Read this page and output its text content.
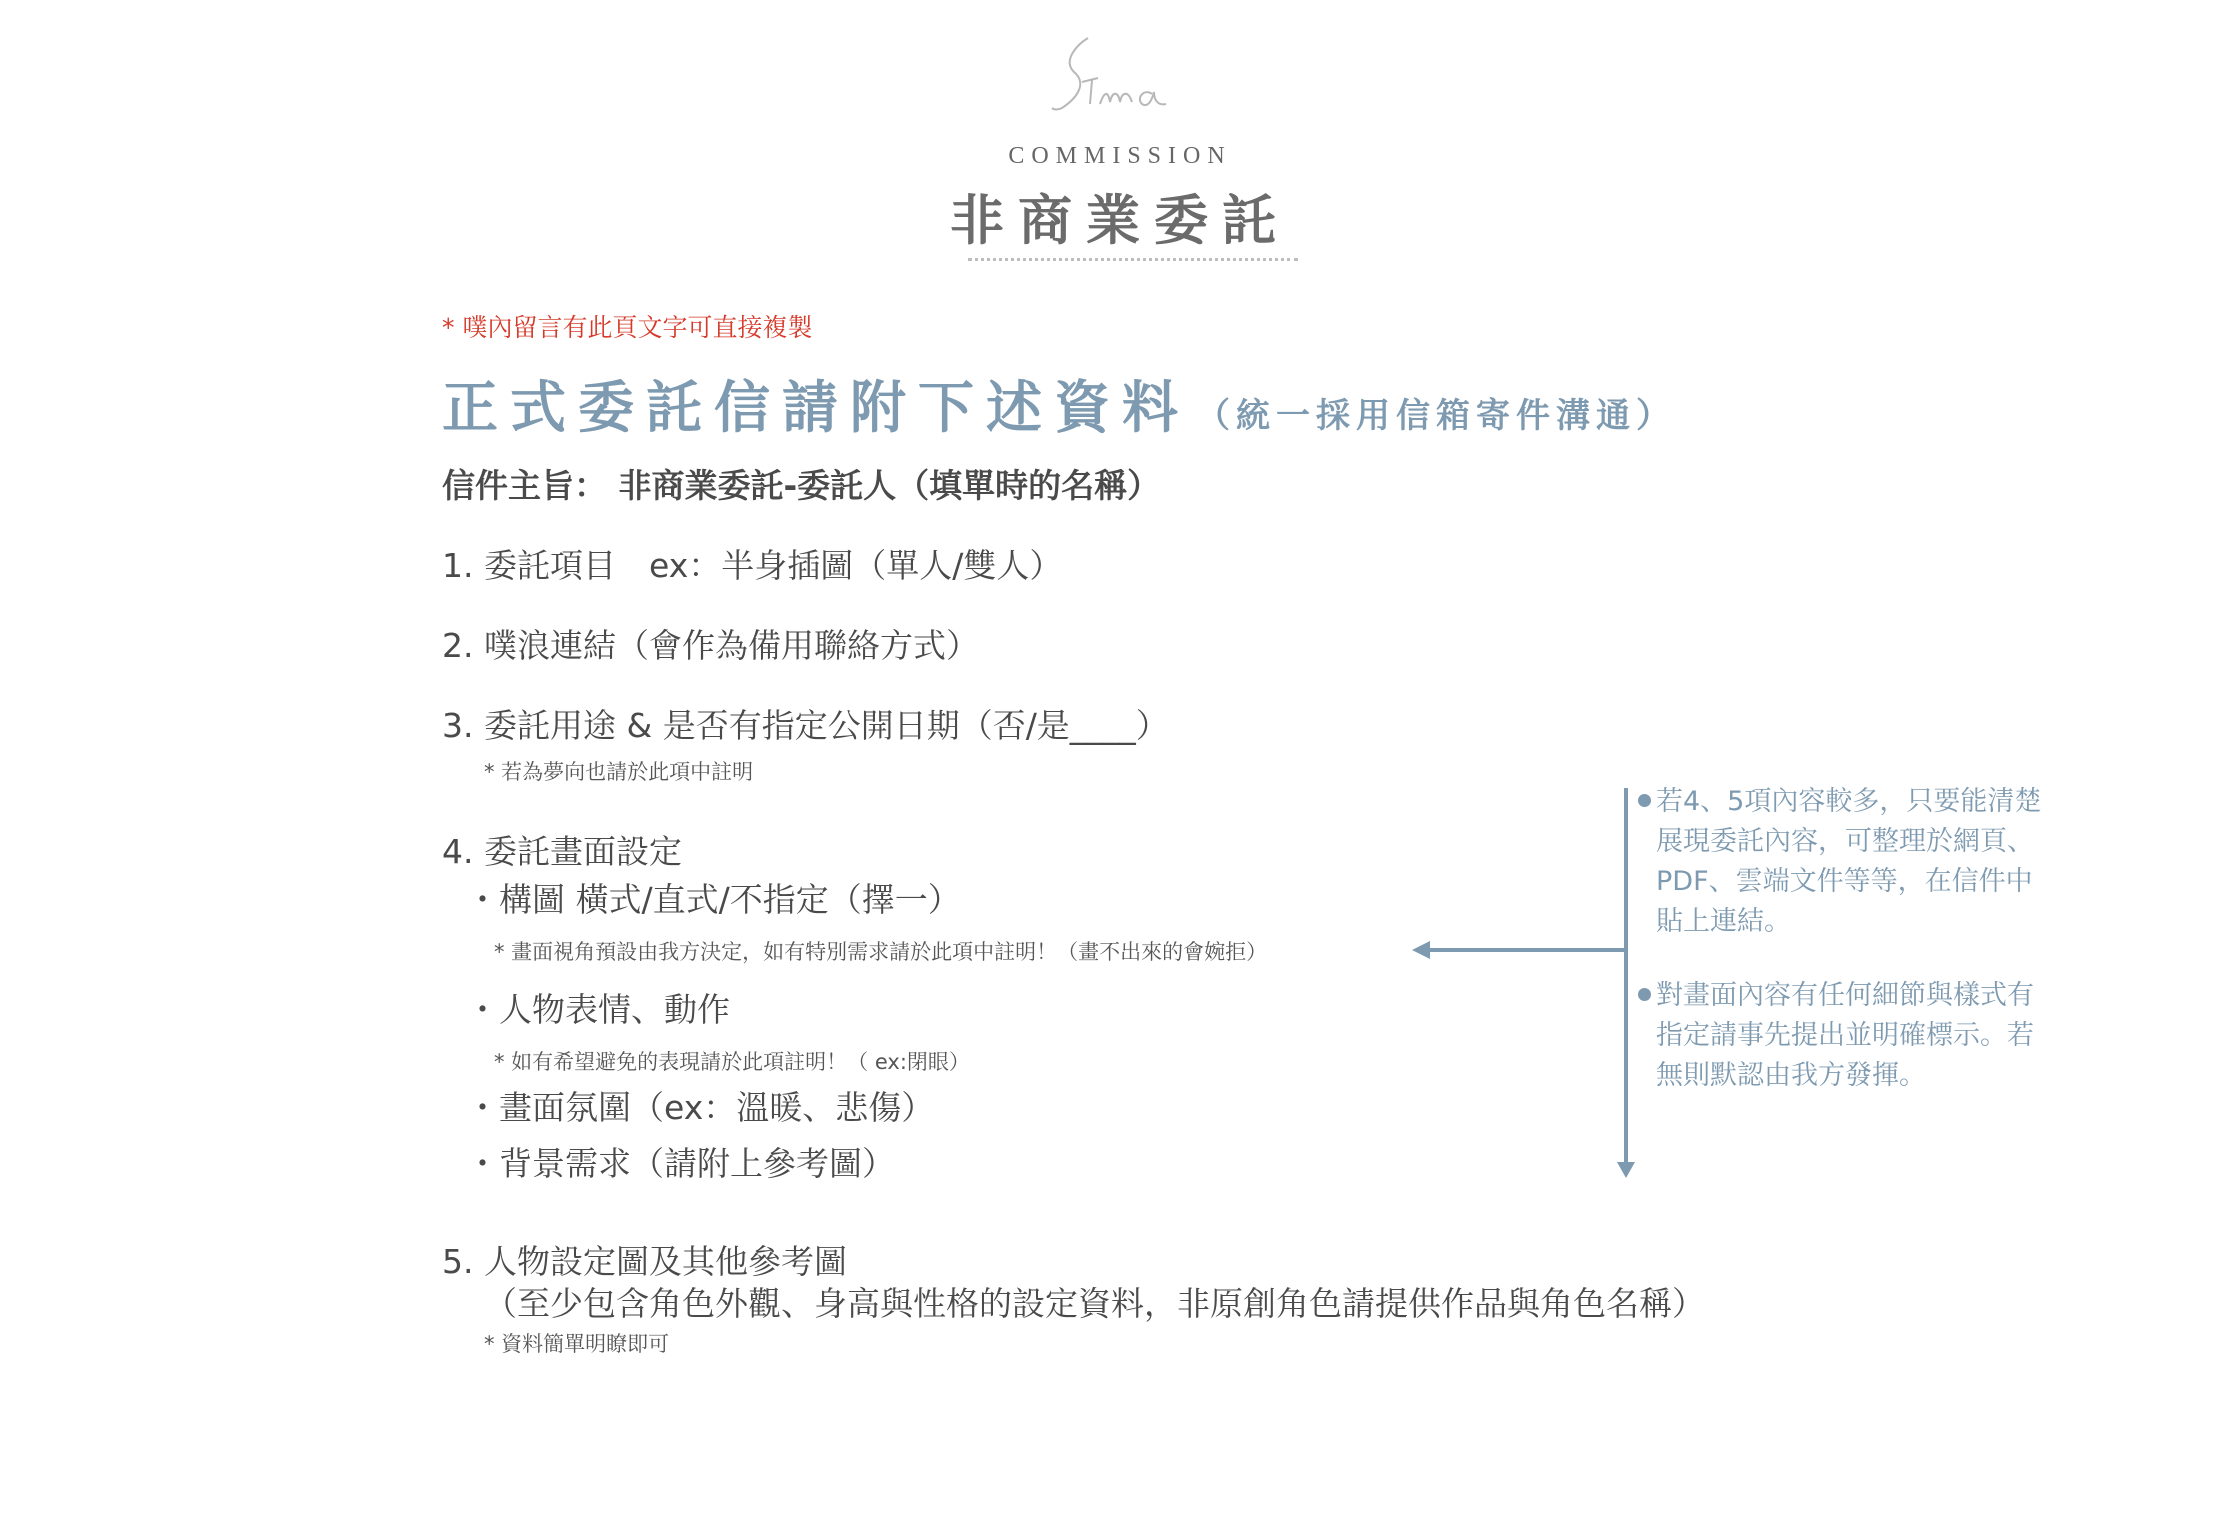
COMMISSION
非商業委託
* 噗內留言有此頁文字可直接複製
正式委託信請附下述資料 （統一採用信箱寄件溝通）
信件主旨： 非商業委託-委託人（填單時的名稱）
1. 委託項目　ex：半身插圖（單人/雙人）
2. 噗浪連結（會作為備用聯絡方式）
3. 委託用途 & 是否有指定公開日期（否/是____）
* 若為夢向也請於此項中註明
4. 委託畫面設定
・構圖 橫式/直式/不指定（擇一）
* 畫面視角預設由我方決定，如有特別需求請於此項中註明！（畫不出來的會婉拒）
・人物表情、動作
* 如有希望避免的表現請於此項註明！（ ex:閉眼）
・畫面氛圍（ex：溫暖、悲傷）
・背景需求（請附上參考圖）
5. 人物設定圖及其他參考圖
（至少包含角色外觀、身高與性格的設定資料，非原創角色請提供作品與角色名稱）
* 資料簡單明瞭即可
若4、5項內容較多，只要能清楚展現委託內容，可整理於網頁、PDF、雲端文件等等，在信件中貼上連結。
對畫面內容有任何細節與樣式有指定請事先提出並明確標示。若無則默認由我方發揮。
